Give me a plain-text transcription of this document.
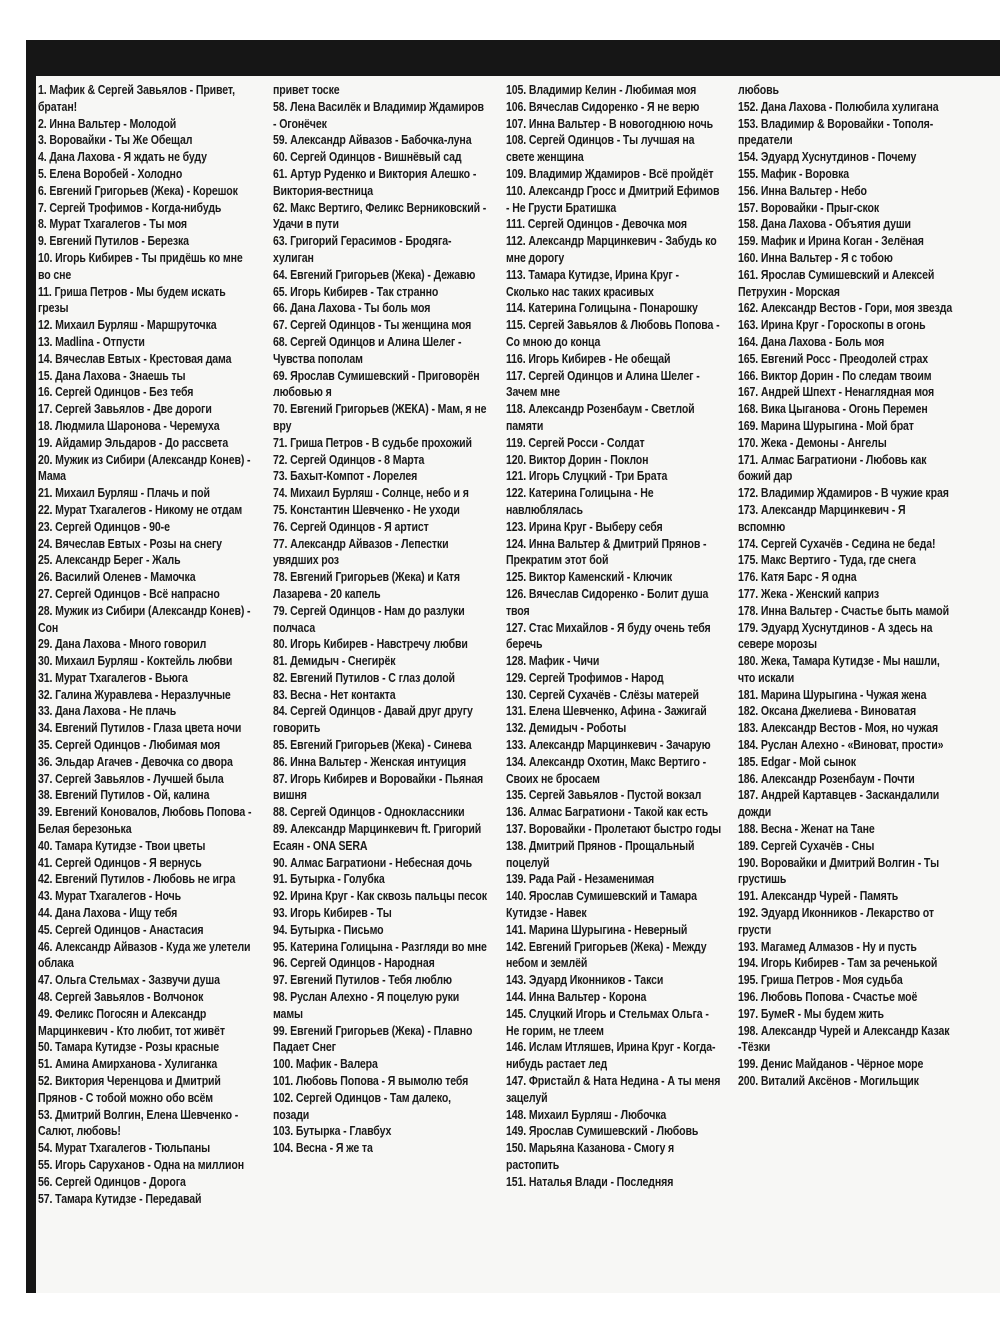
1. Мафик & Сергей Завьялов - Привет, братан!

2. Инна Вальтер - Молодой

3. Воровайки - Ты Же Обещал

4. Дана Лахова - Я ждать не буду

5. Елена Воробей - Холодно

6. Евгений Григорьев (Жека) - Корешок

7. Сергей Трофимов - Когда-нибудь

8. Мурат Тхагалегов - Ты моя

9. Евгений Путилов - Березка

10. Игорь Кибирев - Ты придёшь ко мне во сне

11. Гриша Петров - Мы будем искать грезы

12. Михаил Бурляш - Маршруточка

13. Madlina - Отпусти

14. Вячеслав Евтых - Крестовая дама

15. Дана Лахова - Знаешь ты

16. Сергей Одинцов - Без тебя

17. Сергей Завьялов - Две дороги

18. Людмила Шаронова - Черемуха

19. Айдамир Эльдаров - До рассвета

20. Мужик из Сибири (Александр Конев) - Мама

21. Михаил Бурляш - Плачь и пой

22. Мурат Тхагалегов - Никому не отдам

23. Сергей Одинцов - 90-е

24. Вячеслав Евтых - Розы на снегу

25. Александр Берег - Жаль

26. Василий Оленев - Мамочка

27. Сергей Одинцов - Всё напрасно

28. Мужик из Сибири (Александр Конев) - Сон

29. Дана Лахова - Много говорил

30. Михаил Бурляш - Коктейль любви

31. Мурат Тхагалегов - Вьюга

32. Галина Журавлева - Неразлучные

33. Дана Лахова - Не плачь

34. Евгений Путилов - Глаза цвета ночи

35. Сергей Одинцов - Любимая моя

36. Эльдар Агачев - Девочка со двора

37. Сергей Завьялов - Лучшей была

38. Евгений Путилов - Ой, калина

39. Евгений Коновалов, Любовь Попова - Белая березонька

40. Тамара Кутидзе - Твои цветы

41. Сергей Одинцов - Я вернусь

42. Евгений Путилов - Любовь не игра

43. Мурат Тхагалегов - Ночь

44. Дана Лахова - Ищу тебя

45. Сергей Одинцов - Анастасия

46. Александр Айвазов - Куда же улетели облака

47. Ольга Стельмах - Зазвучи душа

48. Сергей Завьялов - Волчонок

49. Феликс Погосян и Александр Марцинкевич - Кто любит, тот живёт

50. Тамара Кутидзе - Розы красные

51. Амина Амирханова - Хулиганка

52. Виктория Черенцова и Дмитрий Прянов - С тобой можно обо всём

53. Дмитрий Волгин, Елена Шевченко - Салют, любовь!

54. Мурат Тхагалегов - Тюльпаны

55. Игорь Саруханов - Одна на миллион

56. Сергей Одинцов - Дорога

57. Тамара Кутидзе - Передавай

привет тоске

58. Лена Василёк и Владимир Ждамиров - Огонёчек

59. Александр Айвазов - Бабочка-луна

60. Сергей Одинцов - Вишнёвый сад

61. Артур Руденко и Виктория Алешко - Виктория-вестница

62. Макс Вертиго, Феликс Верниковский - Удачи в пути

63. Григорий Герасимов - Бродяга-хулиган

64. Евгений Григорьев (Жека) - Дежавю

65. Игорь Кибирев - Так странно

66. Дана Лахова - Ты боль моя

67. Сергей Одинцов - Ты женщина моя

68. Сергей Одинцов и Алина Шелег - Чувства пополам

69. Ярослав Сумишевский - Приговорён любовью я

70. Евгений Григорьев (ЖЕКА) - Мам, я не вру

71. Гриша Петров - В судьбе прохожий

72. Сергей Одинцов - 8 Марта

73. Бахыт-Компот - Лорелея

74. Михаил Бурляш - Солнце, небо и я

75. Константин Шевченко - Не уходи

76. Сергей Одинцов - Я артист

77. Александр Айвазов - Лепестки увядших роз

78. Евгений Григорьев (Жека) и Катя Лазарева - 20 капель

79. Сергей Одинцов - Нам до разлуки полчаса

80. Игорь Кибирев - Навстречу любви

81. Демидыч - Снегирёк

82. Евгений Путилов - С глаз долой

83. Весна - Нет контакта

84. Сергей Одинцов - Давай друг другу говорить

85. Евгений Григорьев (Жека) - Синева

86. Инна Вальтер - Женская интуиция

87. Игорь Кибирев и Воровайки - Пьяная вишня

88. Сергей Одинцов - Одноклассники

89. Александр Марцинкевич ft. Григорий Есаян - ONA SERA

90. Алмас Багратиони - Небесная дочь

91. Бутырка - Голубка

92. Ирина Круг - Как сквозь пальцы песок

93. Игорь Кибирев - Ты

94. Бутырка - Письмо

95. Катерина Голицына - Разгляди во мне

96. Сергей Одинцов - Народная

97. Евгений Путилов - Тебя люблю

98. Руслан Алехно - Я поцелую руки мамы

99. Евгений Григорьев (Жека) - Плавно Падает Снег

100. Мафик - Валера

101. Любовь Попова - Я вымолю тебя

102. Сергей Одинцов - Там далеко, позади

103. Бутырка - Главбух

104. Весна - Я же та

105. Владимир Келин - Любимая моя

106. Вячеслав Сидоренко - Я не верю

107. Инна Вальтер - В новогоднюю ночь

108. Сергей Одинцов - Ты лучшая на свете женщина

109. Владимир Ждамиров - Всё пройдёт

110. Александр Гросс и Дмитрий Ефимов - Не Грусти Братишка

111. Сергей Одинцов - Девочка моя

112. Александр Марцинкевич - Забудь ко мне дорогу

113. Тамара Кутидзе, Ирина Круг - Сколько нас таких красивых

114. Катерина Голицына - Понарошку

115. Сергей Завьялов & Любовь Попова - Со мною до конца

116. Игорь Кибирев - Не обещай

117. Сергей Одинцов и Алина Шелег - Зачем мне

118. Александр Розенбаум - Светлой памяти

119. Сергей Росси - Солдат

120. Виктор Дорин - Поклон

121. Игорь Слуцкий - Три Брата

122. Катерина Голицына - Не навлюблялась

123. Ирина Круг - Выберу себя

124. Инна Вальтер & Дмитрий Прянов - Прекратим этот бой

125. Виктор Каменский - Ключик

126. Вячеслав Сидоренко - Болит душа твоя

127. Стас Михайлов - Я буду очень тебя беречь

128. Мафик - Чичи

129. Сергей Трофимов - Народ

130. Сергей Сухачёв - Слёзы матерей

131. Елена Шевченко, Афина - Зажигай

132. Демидыч - Роботы

133. Александр Марцинкевич - Зачарую

134. Александр Охотин, Макс Вертиго - Своих не бросаем

135. Сергей Завьялов - Пустой вокзал

136. Алмас Багратиони - Такой как есть

137. Воровайки - Пролетают быстро годы

138. Дмитрий Прянов - Прощальный поцелуй

139. Рада Рай - Незаменимая

140. Ярослав Сумишевский и Тамара Кутидзе - Навек

141. Марина Шурыгина - Неверный

142. Евгений Григорьев (Жека) - Между небом и землёй

143. Эдуард Иконников - Такси

144. Инна Вальтер - Корона

145. Слуцкий Игорь и Стельмах Ольга - Не горим, не тлеем

146. Ислам Итляшев, Ирина Круг - Когда-нибудь растает лед

147. Фристайл & Ната Недина - А ты меня зацелуй

148. Михаил Бурляш - Любочка

149. Ярослав Сумишевский - Любовь

150. Марьяна Казанова - Смогу я растопить

151. Наталья Влади - Последняя

любовь

152. Дана Лахова - Полюбила хулигана

153. Владимир & Воровайки - Тополя-предатели

154. Эдуард Хуснутдинов - Почему

155. Мафик - Воровка

156. Инна Вальтер - Небо

157. Воровайки - Прыг-скок

158. Дана Лахова - Объятия души

159. Мафик и Ирина Коган - Зелёная

160. Инна Вальтер - Я с тобою

161. Ярослав Сумишевский и Алексей Петрухин - Морская

162. Александр Вестов - Гори, моя звезда

163. Ирина Круг - Гороскопы в огонь

164. Дана Лахова - Боль моя

165. Евгений Росс - Преодолей страх

166. Виктор Дорин - По следам твоим

167. Андрей Шпехт - Ненаглядная моя

168. Вика Цыганова - Огонь Перемен

169. Марина Шурыгина - Мой брат

170. Жека - Демоны - Ангелы

171. Алмас Багратиони - Любовь как божий дар

172. Владимир Ждамиров - В чужие края

173. Александр Марцинкевич - Я вспомню

174. Сергей Сухачёв - Седина не беда!

175. Макс Вертиго - Туда, где снега

176. Катя Барс - Я одна

177. Жека - Женский каприз

178. Инна Вальтер - Счастье быть мамой

179. Эдуард Хуснутдинов - А здесь на севере морозы

180. Жека, Тамара Кутидзе - Мы нашли, что искали

181. Марина Шурыгина - Чужая жена

182. Оксана Джелиева - Виноватая

183. Александр Вестов - Моя, но чужая

184. Руслан Алехно - «Виноват, прости»

185. Edgar - Мой сынок

186. Александр Розенбаум - Почти

187. Андрей Картавцев - Заскандалили дожди

188. Весна - Женат на Тане

189. Сергей Сухачёв - Сны

190. Воровайки и Дмитрий Волгин - Ты грустишь

191. Александр Чурей - Память

192. Эдуард Иконников - Лекарство от грусти

193. Магамед Алмазов - Ну и пусть

194. Игорь Кибирев - Там за реченькой

195. Гриша Петров - Моя судьба

196. Любовь Попова - Счастье моё

197. БумеR - Мы будем жить

198. Александр Чурей и Александр Казак -Тёзки

199. Денис Майданов - Чёрное море

200. Виталий Аксёнов - Могильщик
